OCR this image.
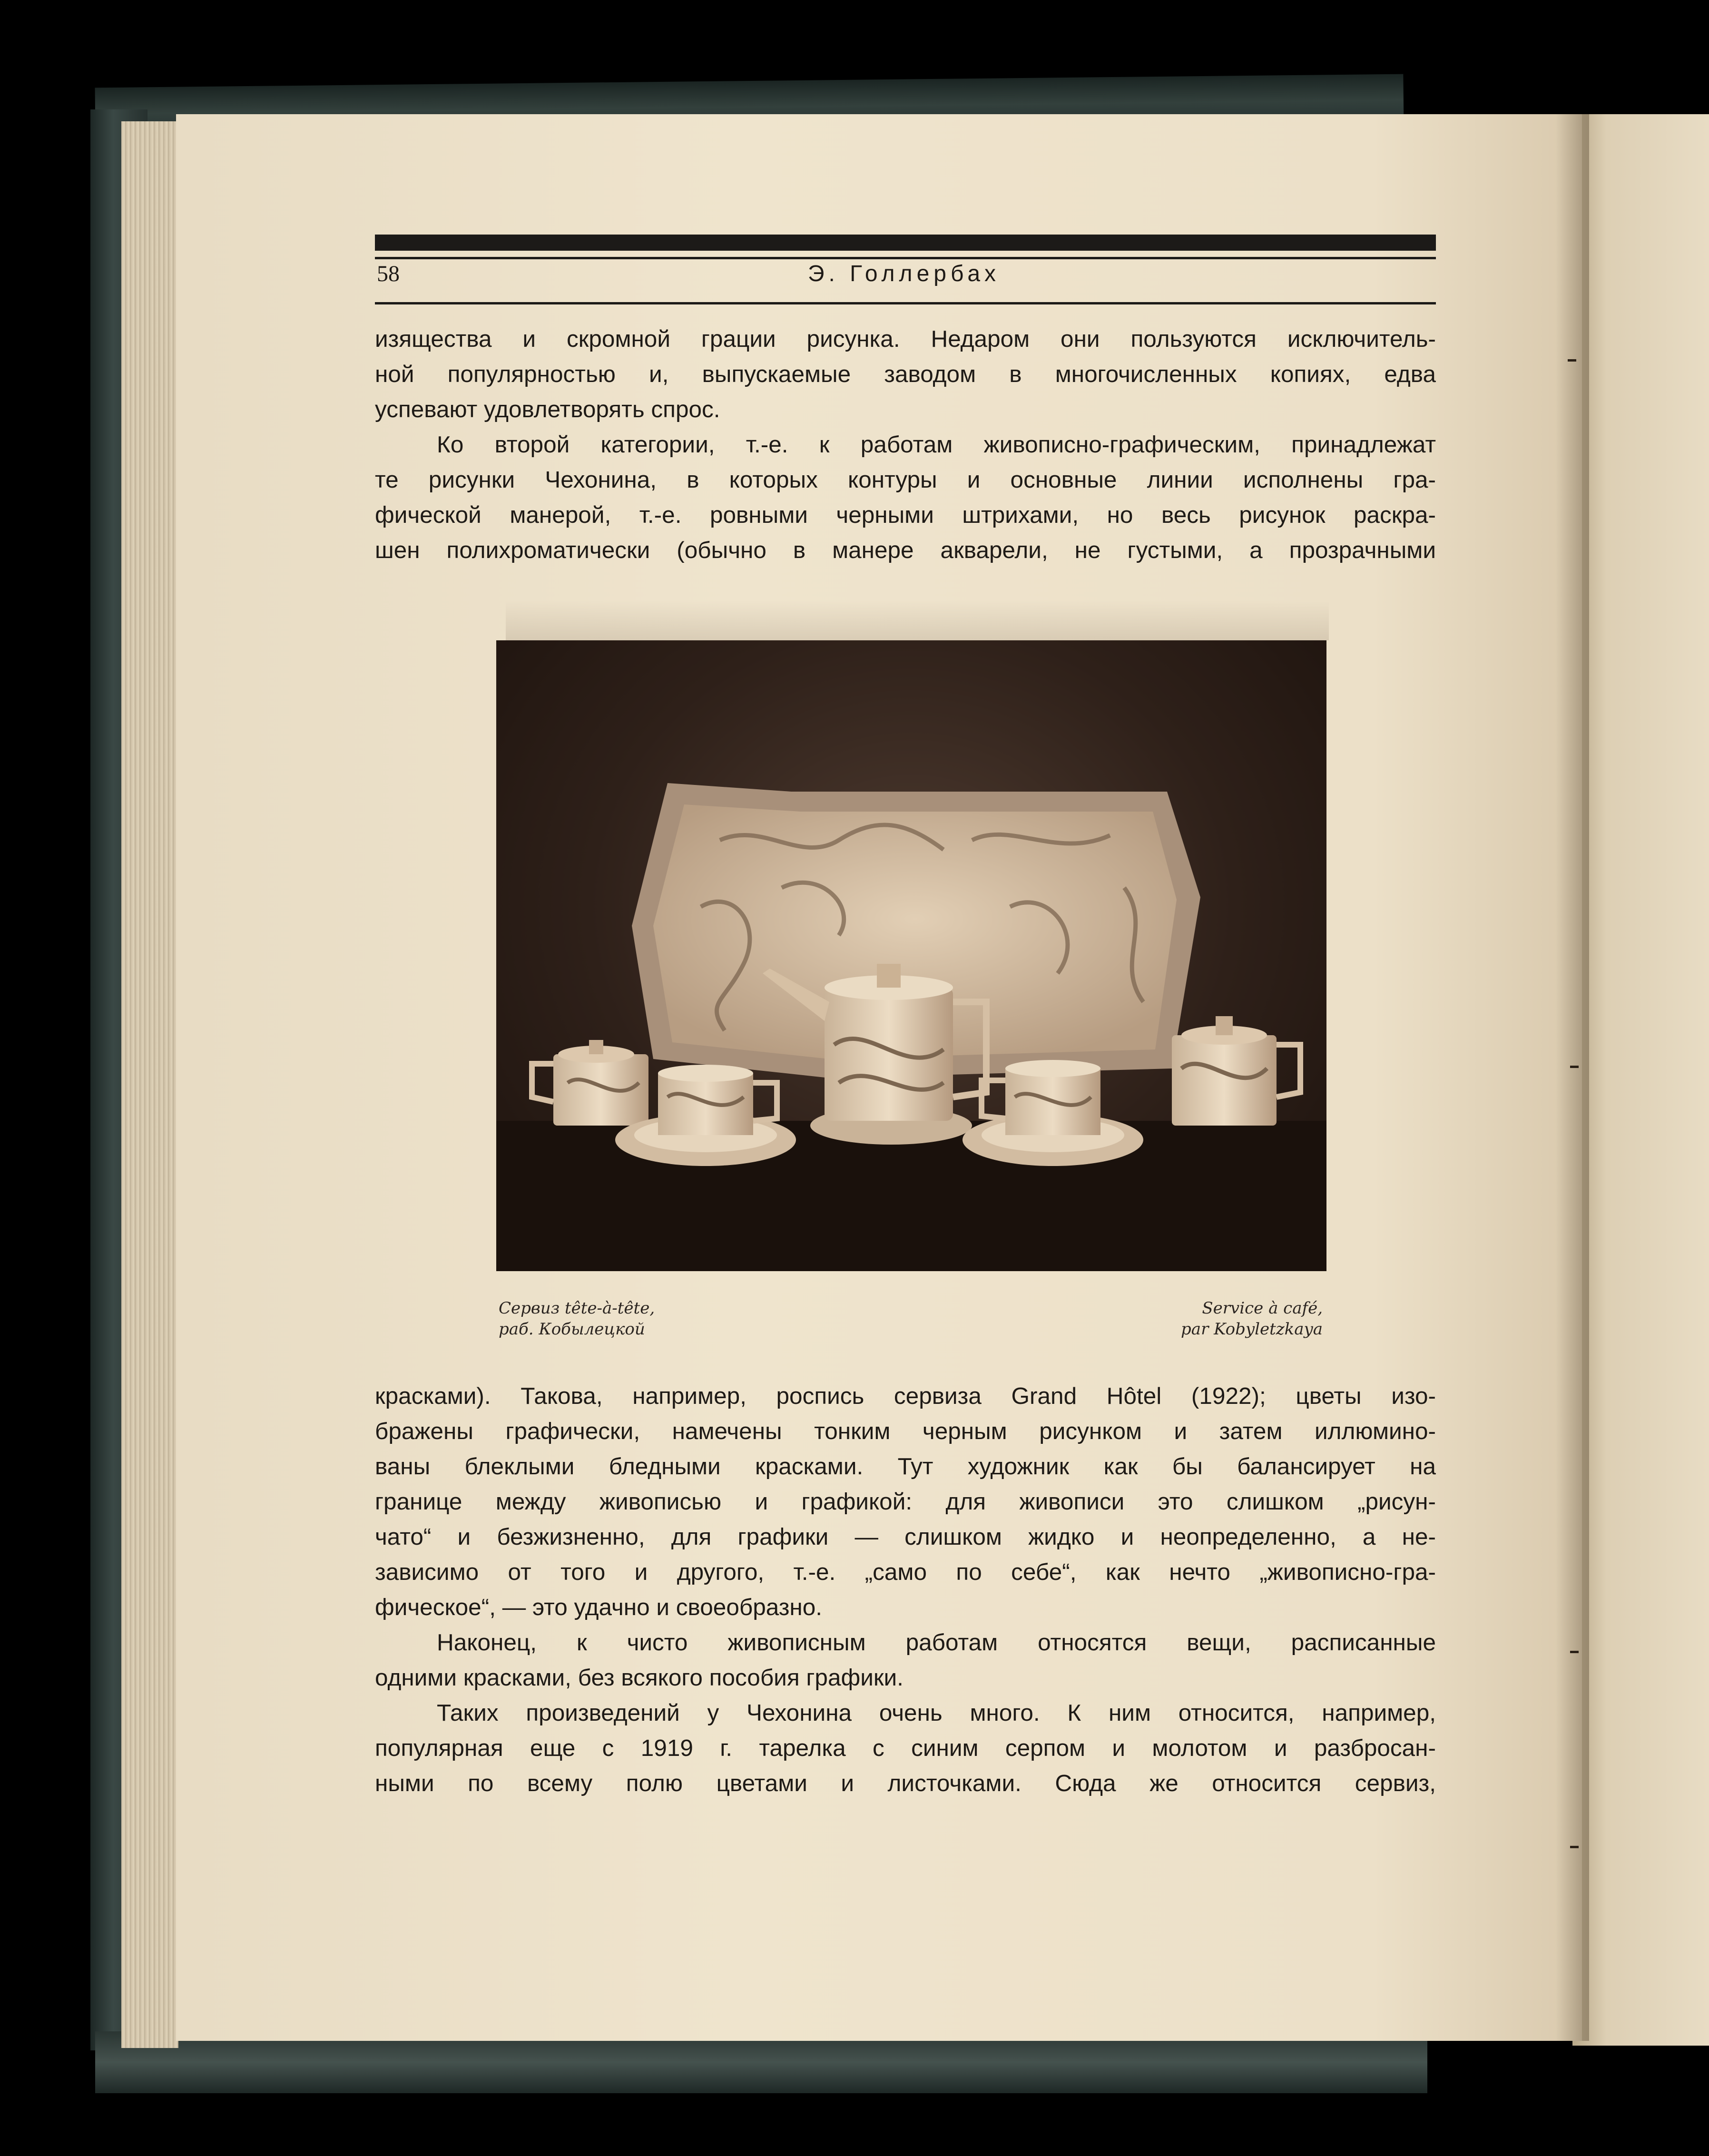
58	Э. Голлербах
изящества и скромной грации рисунка. Недаром они пользуются исключитель-
ной популярностью и, выпускаемые заводом в многочисленных копиях, едва
успевают удовлетворять спрос.
Ко второй категории, т.-е. к работам живописно-графическим, принадлежат
те рисунки Чехонина, в которых контуры и основные линии исполнены гра-
фической манерой, т.-е. ровными черными штрихами, но весь рисунок раскра-
шен полихроматически (обычно в манере акварели, не густыми, а прозрачными
Сервиз tête-à-tête,
раб. Кобылецкой
Service à café,
par Kobyletzkaya
красками). Такова, например, роспись сервиза Grand Hôtel (1922); цветы изо-
бражены графически, намечены тонким черным рисунком и затем иллюмино-
ваны блеклыми бледными красками. Тут художник как бы балансирует на
границе между живописью и графикой: для живописи это слишком „рисун-
чато“ и безжизненно, для графики — слишком жидко и неопределенно, а не-
зависимо от того и другого, т.-е. „само по себе“, как нечто „живописно-гра-
фическое“, — это удачно и своеобразно.
Наконец, к чисто живописным работам относятся вещи, расписанные
одними красками, без всякого пособия графики.
Таких произведений у Чехонина очень много. К ним относится, например,
популярная еще с 1919 г. тарелка с синим серпом и молотом и разбросан-
ными по всему полю цветами и листочками. Сюда же относится сервиз,
